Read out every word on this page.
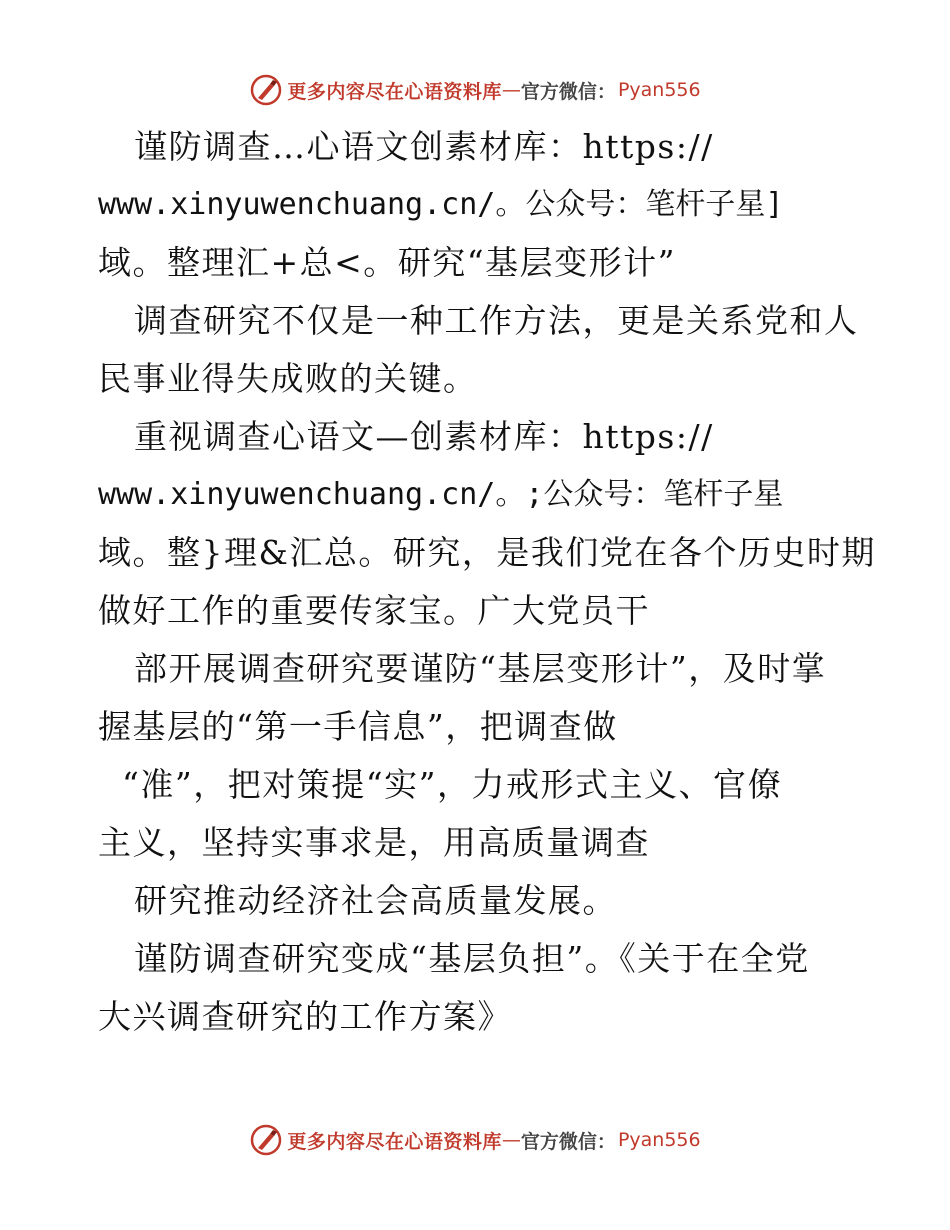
更多内容尽在心语资料库 — 官方微信： Pyan556
谨防调查…心语文创素材库：https://
www.xinyuwenchuang.cn/。公众号：笔杆子星]
域。整理汇+总<。研究“基层变形计”
调查研究不仅是一种工作方法，更是关系党和人
民事业得失成败的关键。
重视调查心语文—创素材库：https://
www.xinyuwenchuang.cn/。;公众号：笔杆子星
域。整}理&汇总。研究，是我们党在各个历史时期
做好工作的重要传家宝。广大党员干
部开展调查研究要谨防“基层变形计”，及时掌
握基层的“第一手信息”，把调查做
“准”，把对策提“实”，力戒形式主义、官僚
主义，坚持实事求是，用高质量调查
研究推动经济社会高质量发展。
谨防调查研究变成“基层负担”。《关于在全党
大兴调查研究的工作方案》
更多内容尽在心语资料库 — 官方微信： Pyan556
